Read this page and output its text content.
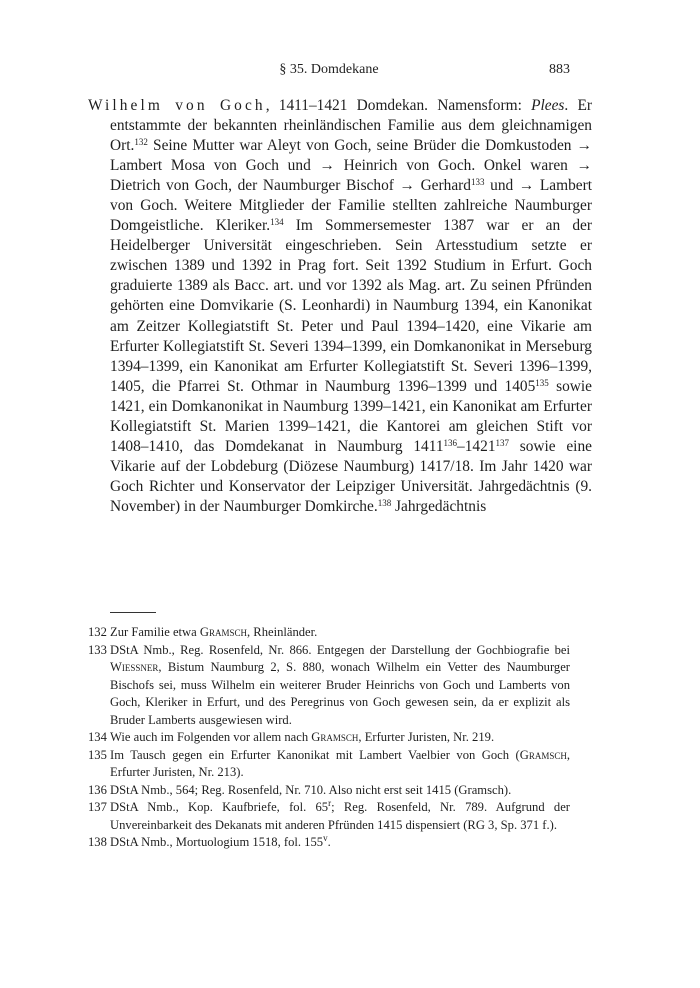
§ 35. Domdekane	883
Wilhelm von Goch, 1411–1421 Domdekan. Namensform: Plees. Er entstammte der bekannten rheinländischen Familie aus dem gleichnamigen Ort.$^{132}$ Seine Mutter war Aleyt von Goch, seine Brüder die Domkustoden → Lambert Mosa von Goch und → Heinrich von Goch. Onkel waren → Dietrich von Goch, der Naumburger Bischof → Gerhard$^{133}$ und → Lambert von Goch. Weitere Mitglieder der Familie stellten zahlreiche Naumburger Domgeistliche. Kleriker.$^{134}$ Im Sommersemester 1387 war er an der Heidelberger Universität eingeschrieben. Sein Artesstudium setzte er zwischen 1389 und 1392 in Prag fort. Seit 1392 Studium in Erfurt. Goch graduierte 1389 als Bacc. art. und vor 1392 als Mag. art. Zu seinen Pfründen gehörten eine Domvikarie (S. Leonhardi) in Naumburg 1394, ein Kanonikat am Zeitzer Kollegiatstift St. Peter und Paul 1394–1420, eine Vikarie am Erfurter Kollegiatstift St. Severi 1394–1399, ein Domkanonikat in Merseburg 1394–1399, ein Kanonikat am Erfurter Kollegiatstift St. Severi 1396–1399, 1405, die Pfarrei St. Othmar in Naumburg 1396–1399 und 1405$^{135}$ sowie 1421, ein Domkanonikat in Naumburg 1399–1421, ein Kanonikat am Erfurter Kollegiatstift St. Marien 1399–1421, die Kantorei am gleichen Stift vor 1408–1410, das Domdekanat in Naumburg 1411$^{136}$–1421$^{137}$ sowie eine Vikarie auf der Lobdeburg (Diözese Naumburg) 1417/18. Im Jahr 1420 war Goch Richter und Konservator der Leipziger Universität. Jahrgedächtnis (9. November) in der Naumburger Domkirche.$^{138}$ Jahrgedächtnis
132 Zur Familie etwa Gramsch, Rheinländer.
133 DStA Nmb., Reg. Rosenfeld, Nr. 866. Entgegen der Darstellung der Gochbiografie bei Wiessner, Bistum Naumburg 2, S. 880, wonach Wilhelm ein Vetter des Naumburger Bischofs sei, muss Wilhelm ein weiterer Bruder Heinrichs von Goch und Lamberts von Goch, Kleriker in Erfurt, und des Peregrinus von Goch gewesen sein, da er explizit als Bruder Lamberts ausgewiesen wird.
134 Wie auch im Folgenden vor allem nach Gramsch, Erfurter Juristen, Nr. 219.
135 Im Tausch gegen ein Erfurter Kanonikat mit Lambert Vaelbier von Goch (Gramsch, Erfurter Juristen, Nr. 213).
136 DStA Nmb., 564; Reg. Rosenfeld, Nr. 710. Also nicht erst seit 1415 (Gramsch).
137 DStA Nmb., Kop. Kaufbriefe, fol. 65$^r$; Reg. Rosenfeld, Nr. 789. Aufgrund der Unvereinbarkeit des Dekanats mit anderen Pfründen 1415 dispensiert (RG 3, Sp. 371 f.).
138 DStA Nmb., Mortuologium 1518, fol. 155$^v$.
